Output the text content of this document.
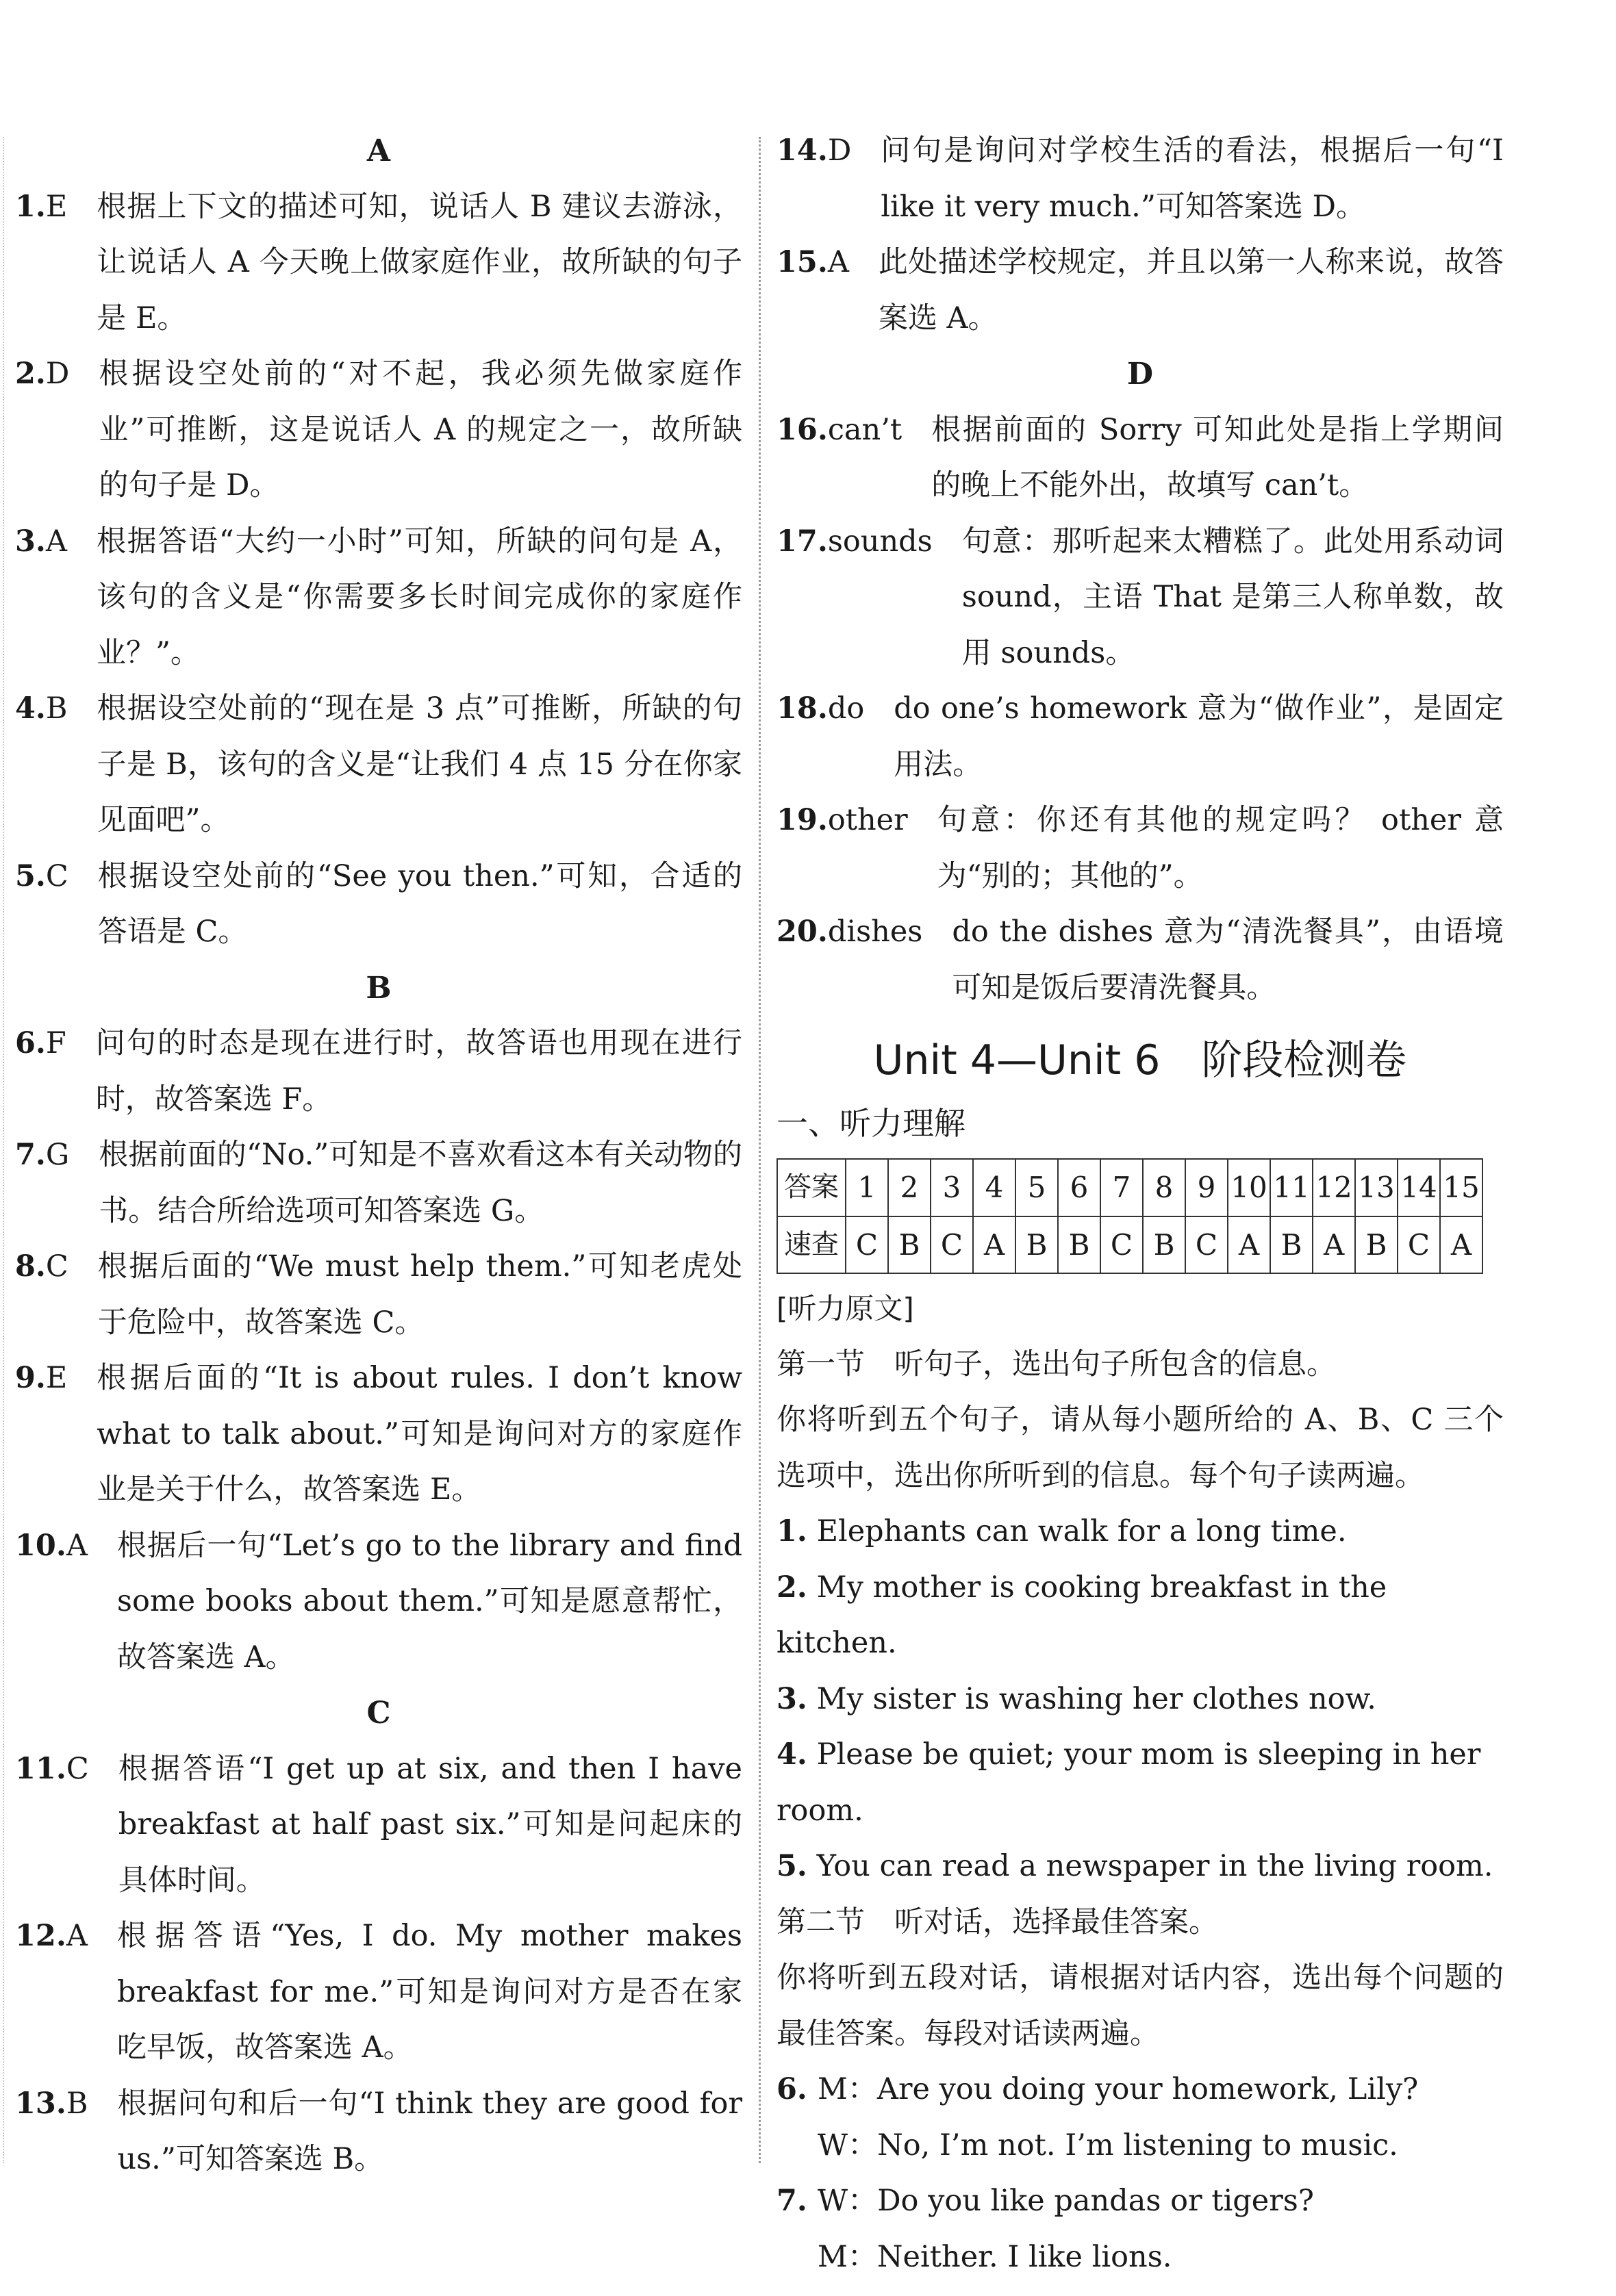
A
1. E　	根据上下文的描述可知，说话人 B 建议去游泳，让说话人 A 今天晚上做家庭作业，故所缺的句子是 E。
2. D　	根据设空处前的“对不起，我必须先做家庭作业”可推断，这是说话人 A 的规定之一，故所缺的句子是 D。
3. A　	根据答语“大约一小时”可知，所缺的问句是 A，该句的含义是“你需要多长时间完成你的家庭作业？”。
4. B　	根据设空处前的“现在是 3 点”可推断，所缺的句子是 B，该句的含义是“让我们 4 点 15 分在你家见面吧”。
5. C　	根据设空处前的“See you then.”可知，合适的答语是 C。
B
6. F　	问句的时态是现在进行时，故答语也用现在进行时，故答案选 F。
7. G　	根据前面的“No.”可知是不喜欢看这本有关动物的书。结合所给选项可知答案选 G。
8. C　	根据后面的“We must help them.”可知老虎处于危险中，故答案选 C。
9. E　	根据后面的“It is about rules. I don’t know what to talk about.”可知是询问对方的家庭作业是关于什么，故答案选 E。
10. A　	根据后一句“Let’s go to the library and find some books about them.”可知是愿意帮忙，故答案选 A。
C
11. C　	根据答语“I get up at six, and then I have breakfast at half past six.”可知是问起床的具体时间。
12. A　	根据答语“Yes, I do. My mother makes breakfast for me.”可知是询问对方是否在家吃早饭，故答案选 A。
13. B　	根据问句和后一句“I think they are good for us.”可知答案选 B。
14. D　	问句是询问对学校生活的看法，根据后一句“I like it very much.”可知答案选 D。
15. A　	此处描述学校规定，并且以第一人称来说，故答案选 A。
D
16. can’t　	根据前面的 Sorry 可知此处是指上学期间的晚上不能外出，故填写 can’t。
17. sounds　	句意：那听起来太糟糕了。此处用系动词 sound，主语 That 是第三人称单数，故用 sounds。
18. do　	do one’s homework 意为“做作业”，是固定用法。
19. other　	句意：你还有其他的规定吗？ other 意为“别的；其他的”。
20. dishes　	do the dishes 意为“清洗餐具”，由语境可知是饭后要清洗餐具。
Unit 4—Unit 6　阶段检测卷
一、听力理解
答案	1	2	3	4	5	6	7	8	9	10	11	12	13	14	15
速查	C	B	C	A	B	B	C	B	C	A	B	A	B	C	A
[听力原文]
第一节　听句子，选出句子所包含的信息。
你将听到五个句子，请从每小题所给的 A、B、C 三个选项中，选出你所听到的信息。每个句子读两遍。
1. Elephants can walk for a long time.
2. My mother is cooking breakfast in the kitchen.
3. My sister is washing her clothes now.
4. Please be quiet; your mom is sleeping in her room.
5. You can read a newspaper in the living room.
第二节　听对话，选择最佳答案。
你将听到五段对话，请根据对话内容，选出每个问题的最佳答案。每段对话读两遍。
6. M：Are you doing your homework, Lily?
W：No, I’m not. I’m listening to music.
7. W：Do you like pandas or tigers?
M：Neither. I like lions.
